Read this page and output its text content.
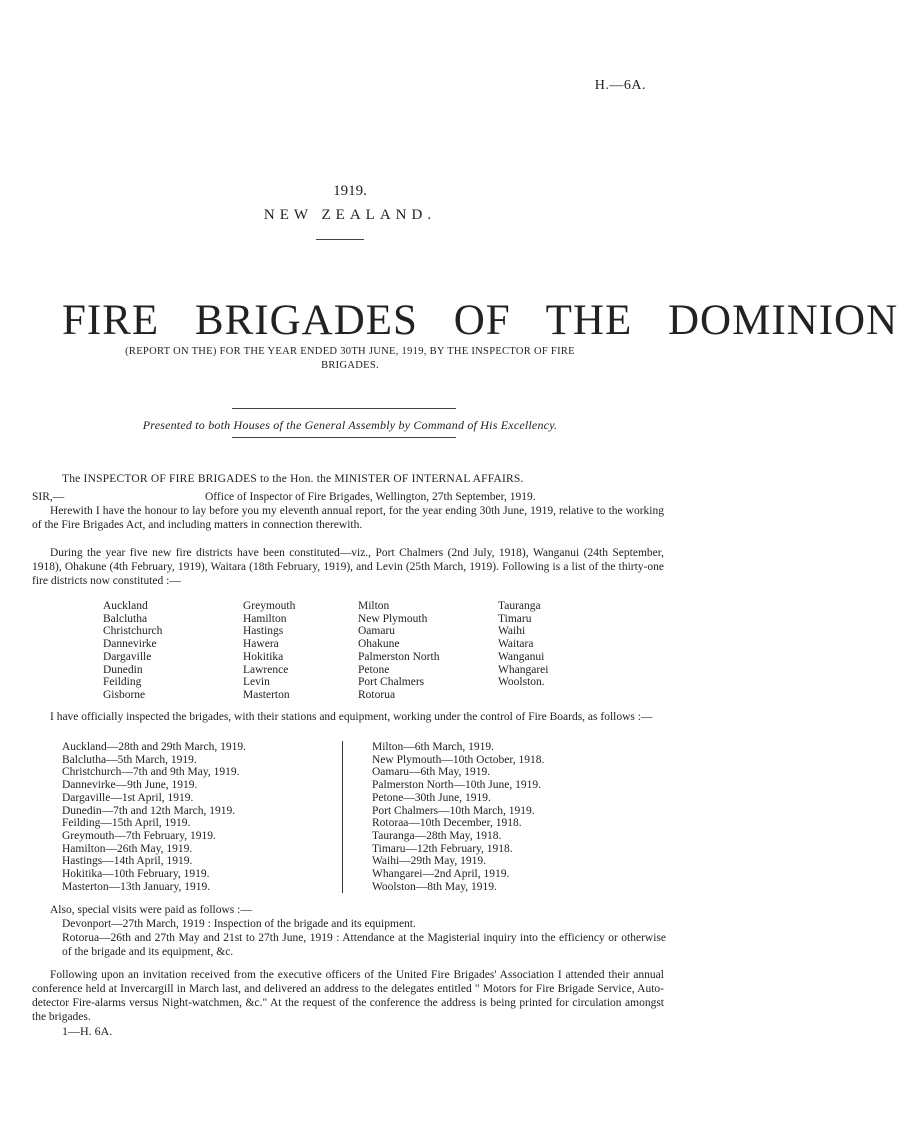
H.—6A.
1919.
NEW ZEALAND.
FIRE BRIGADES OF THE DOMINION
(REPORT ON THE) FOR THE YEAR ENDED 30TH JUNE, 1919, BY THE INSPECTOR OF FIRE BRIGADES.
Presented to both Houses of the General Assembly by Command of His Excellency.
The INSPECTOR OF FIRE BRIGADES to the Hon. the MINISTER OF INTERNAL AFFAIRS.
SIR,—	Office of Inspector of Fire Brigades, Wellington, 27th September, 1919.
Herewith I have the honour to lay before you my eleventh annual report, for the year ending 30th June, 1919, relative to the working of the Fire Brigades Act, and including matters in connection therewith.
During the year five new fire districts have been constituted—viz., Port Chalmers (2nd July, 1918), Wanganui (24th September, 1918), Ohakune (4th February, 1919), Waitara (18th February, 1919), and Levin (25th March, 1919). Following is a list of the thirty-one fire districts now constituted :—
Auckland
Balclutha
Christchurch
Dannevirke
Dargaville
Dunedin
Feilding
Gisborne
Greymouth
Hamilton
Hastings
Hawera
Hokitika
Lawrence
Levin
Masterton
Milton
New Plymouth
Oamaru
Ohakune
Palmerston North
Petone
Port Chalmers
Rotorua
Tauranga
Timaru
Waihi
Waitara
Wanganui
Whangarei
Woolston.
I have officially inspected the brigades, with their stations and equipment, working under the control of Fire Boards, as follows :—
Auckland—28th and 29th March, 1919.
Balclutha—5th March, 1919.
Christchurch—7th and 9th May, 1919.
Dannevirke—9th June, 1919.
Dargaville—1st April, 1919.
Dunedin—7th and 12th March, 1919.
Feilding—15th April, 1919.
Greymouth—7th February, 1919.
Hamilton—26th May, 1919.
Hastings—14th April, 1919.
Hokitika—10th February, 1919.
Masterton—13th January, 1919.
Milton—6th March, 1919.
New Plymouth—10th October, 1918.
Oamaru—6th May, 1919.
Palmerston North—10th June, 1919.
Petone—30th June, 1919.
Port Chalmers—10th March, 1919.
Rotoraa—10th December, 1918.
Tauranga—28th May, 1918.
Timaru—12th February, 1918.
Waihi—29th May, 1919.
Whangarei—2nd April, 1919.
Woolston—8th May, 1919.
Also, special visits were paid as follows :—
Devonport—27th March, 1919 : Inspection of the brigade and its equipment.
Rotorua—26th and 27th May and 21st to 27th June, 1919 : Attendance at the Magisterial inquiry into the efficiency or otherwise of the brigade and its equipment, &c.
Following upon an invitation received from the executive officers of the United Fire Brigades' Association I attended their annual conference held at Invercargill in March last, and delivered an address to the delegates entitled " Motors for Fire Brigade Service, Auto-detector Fire-alarms versus Night-watchmen, &c." At the request of the conference the address is being printed for circulation amongst the brigades.
1—H. 6A.
